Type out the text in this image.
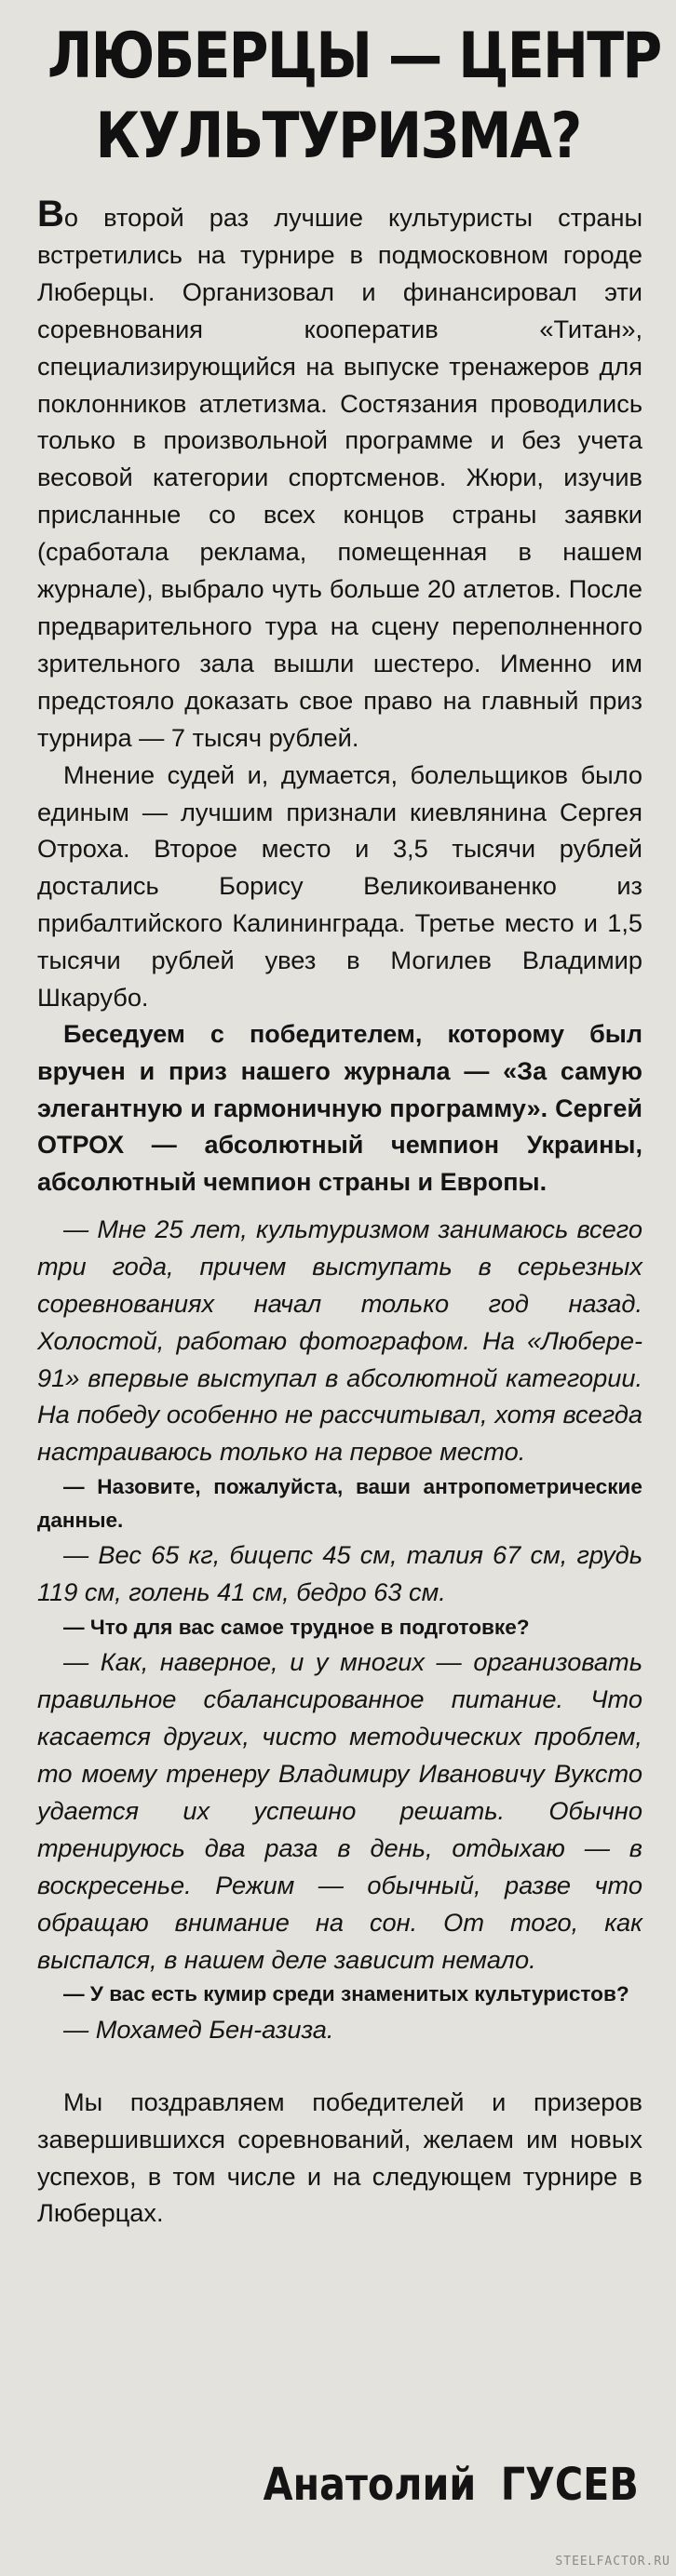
ЛЮБЕРЦЫ — ЦЕНТР
КУЛЬТУРИЗМА?

Во второй раз лучшие культуристы страны встретились на турнире в подмосковном городе Люберцы. Организовал и финансировал эти соревнования кооператив «Титан», специализирующийся на выпуске тренажеров для поклонников атлетизма. Состязания проводились только в произвольной программе и без учета весовой категории спортсменов. Жюри, изучив присланные со всех концов страны заявки (сработала реклама, помещенная в нашем журнале), выбрало чуть больше 20 атлетов. После предварительного тура на сцену переполненного зрительного зала вышли шестеро. Именно им предстояло доказать свое право на главный приз турнира — 7 тысяч рублей.

Мнение судей и, думается, болельщиков было единым — лучшим признали киевлянина Сергея Отроха. Второе место и 3,5 тысячи рублей достались Борису Великоиваненко из прибалтийского Калининграда. Третье место и 1,5 тысячи рублей увез в Могилев Владимир Шкарубо.

Беседуем с победителем, которому был вручен и приз нашего журнала — «За самую элегантную и гармоничную программу». Сергей ОТРОХ — абсолютный чемпион Украины, абсолютный чемпион страны и Европы.

— Мне 25 лет, культуризмом занимаюсь всего три года, причем выступать в серьезных соревнованиях начал только год назад. Холостой, работаю фотографом. На «Люберe-91» впервые выступал в абсолютной категории. На победу особенно не рассчитывал, хотя всегда настраиваюсь только на первое место.

— Назовите, пожалуйста, ваши антропометрические данные.

— Вес 65 кг, бицепс 45 см, талия 67 см, грудь 119 см, голень 41 см, бедро 63 см.

— Что для вас самое трудное в подготовке?

— Как, наверное, и у многих — организовать правильное сбалансированное питание. Что касается других, чисто методических проблем, то моему тренеру Владимиру Ивановичу Вуксто удается их успешно решать. Обычно тренируюсь два раза в день, отдыхаю — в воскресенье. Режим — обычный, разве что обращаю внимание на сон. От того, как выспался, в нашем деле зависит немало.

— У вас есть кумир среди знаменитых культуристов?

— Мохамед Бен-азиза.

Мы поздравляем победителей и призеров завершившихся соревнований, желаем им новых успехов, в том числе и на следующем турнире в Люберцах.

Анатолий ГУСЕВ
STEELFACTOR.RU
